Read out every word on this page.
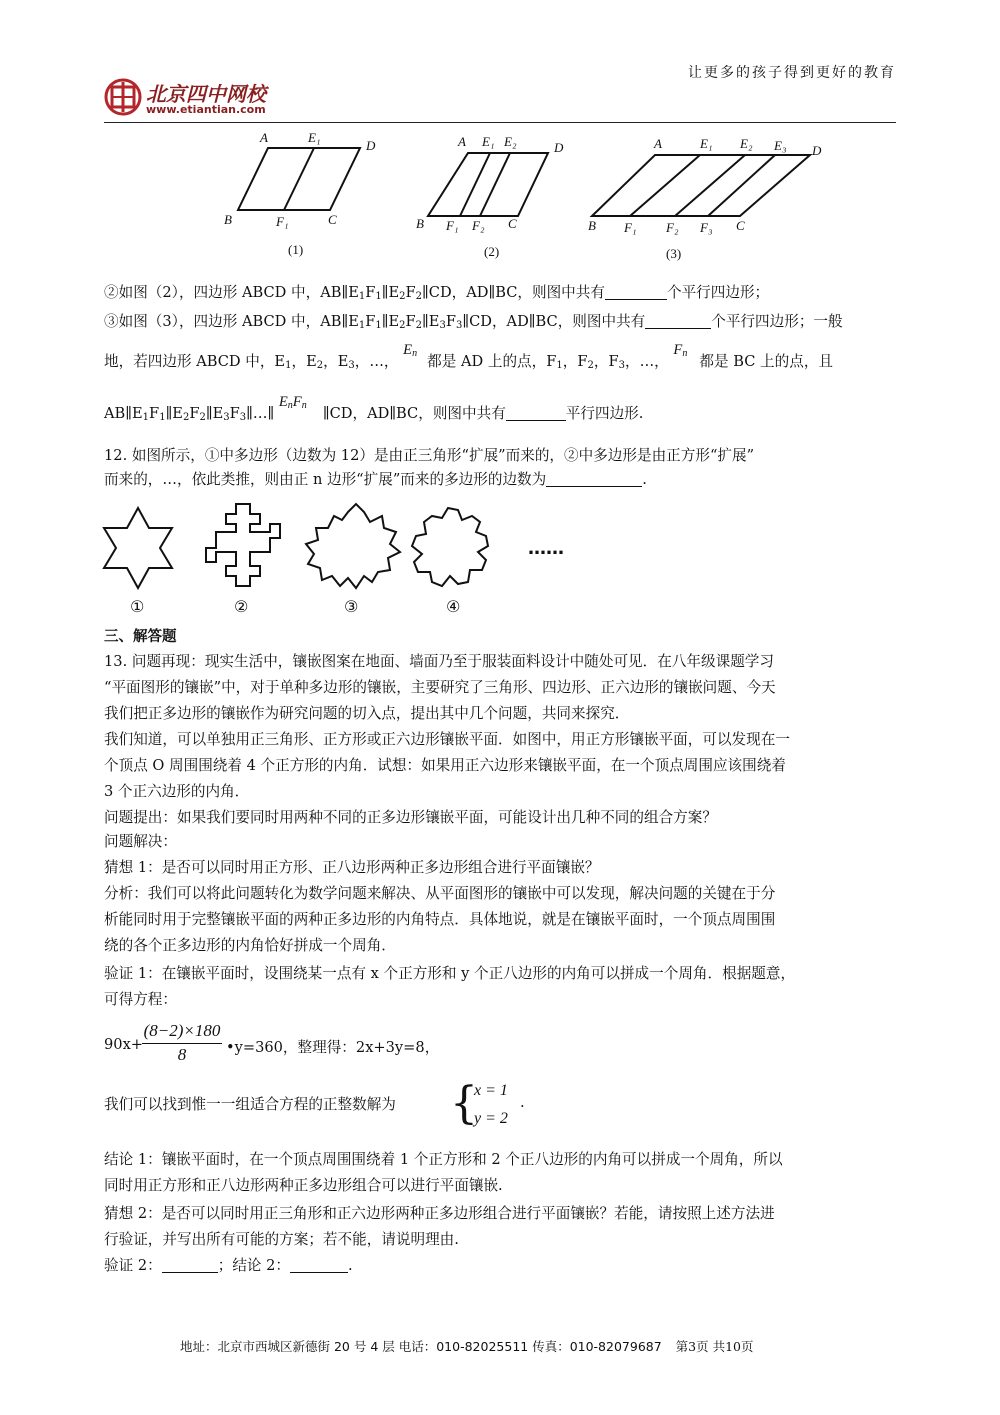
让更多的孩子得到更好的教育
北京四中网校
www.etiantian.com
A	E₁
D
B	F₁	C
(1)
A E₁ E₂	D
B F₁ F₂ C
(2)
A	E₁ E₂ E₃ D
B F₁ F₂ F₃ C
(3)
②如图（2），四边形 ABCD 中，$AB\parallel E_1F_1\parallel E_2F_2\parallel CD$，AD∥BC，则图中共有	个平行四边形；
③如图（3），四边形 ABCD 中，$AB\parallel E_1F_1\parallel E_2F_2\parallel E_3F_3\parallel CD$，AD∥BC，则图中共有	个平行四边形；一般
地，若四边形 ABCD 中，$E_1$，$E_2$，$E_3$，…， $E_n$ 都是 AD 上的点，$F_1$，$F_2$，$F_3$，…， $F_n$ 都是 BC 上的点，且
$AB\parallel E_1F_1\parallel E_2F_2\parallel E_3F_3\parallel\dots\parallel$ $E_nF_n$ ∥CD，AD∥BC，则图中共有	平行四边形.
12. 如图所示，①中多边形（边数为 12）是由正三角形“扩展”而来的，②中多边形是由正方形“扩展”
而来的，…，依此类推，则由正 n 边形“扩展”而来的多边形的边数为	.
……
①	②	③	④
三、解答题
13. 问题再现：现实生活中，镶嵌图案在地面、墙面乃至于服装面料设计中随处可见．在八年级课题学习
“平面图形的镶嵌”中，对于单种多边形的镶嵌，主要研究了三角形、四边形、正六边形的镶嵌问题、今天
我们把正多边形的镶嵌作为研究问题的切入点，提出其中几个问题，共同来探究．
我们知道，可以单独用正三角形、正方形或正六边形镶嵌平面．如图中，用正方形镶嵌平面，可以发现在一
个顶点 O 周围围绕着 4 个正方形的内角．试想：如果用正六边形来镶嵌平面，在一个顶点周围应该围绕着
3 个正六边形的内角．
问题提出：如果我们要同时用两种不同的正多边形镶嵌平面，可能设计出几种不同的组合方案？
问题解决：
猜想 1：是否可以同时用正方形、正八边形两种正多边形组合进行平面镶嵌？
分析：我们可以将此问题转化为数学问题来解决、从平面图形的镶嵌中可以发现，解决问题的关键在于分
析能同时用于完整镶嵌平面的两种正多边形的内角特点．具体地说，就是在镶嵌平面时，一个顶点周围围
绕的各个正多边形的内角恰好拼成一个周角．
验证 1：在镶嵌平面时，设围绕某一点有 x 个正方形和 y 个正八边形的内角可以拼成一个周角．根据题意，
可得方程：
90x+
(8−2)×180
8	•y=360，整理得：2x+3y=8，
我们可以找到惟一一组适合方程的正整数解为 {
x = 1
y = 2
.
结论 1：镶嵌平面时，在一个顶点周围围绕着 1 个正方形和 2 个正八边形的内角可以拼成一个周角，所以
同时用正方形和正八边形两种正多边形组合可以进行平面镶嵌.
猜想 2：是否可以同时用正三角形和正六边形两种正多边形组合进行平面镶嵌？若能，请按照上述方法进
行验证，并写出所有可能的方案；若不能，请说明理由.
验证 2：	；结论 2：	.
地址：北京市西城区新德街 20 号 4 层 电话：010-82025511 传真：010-82079687 第3页 共10页
